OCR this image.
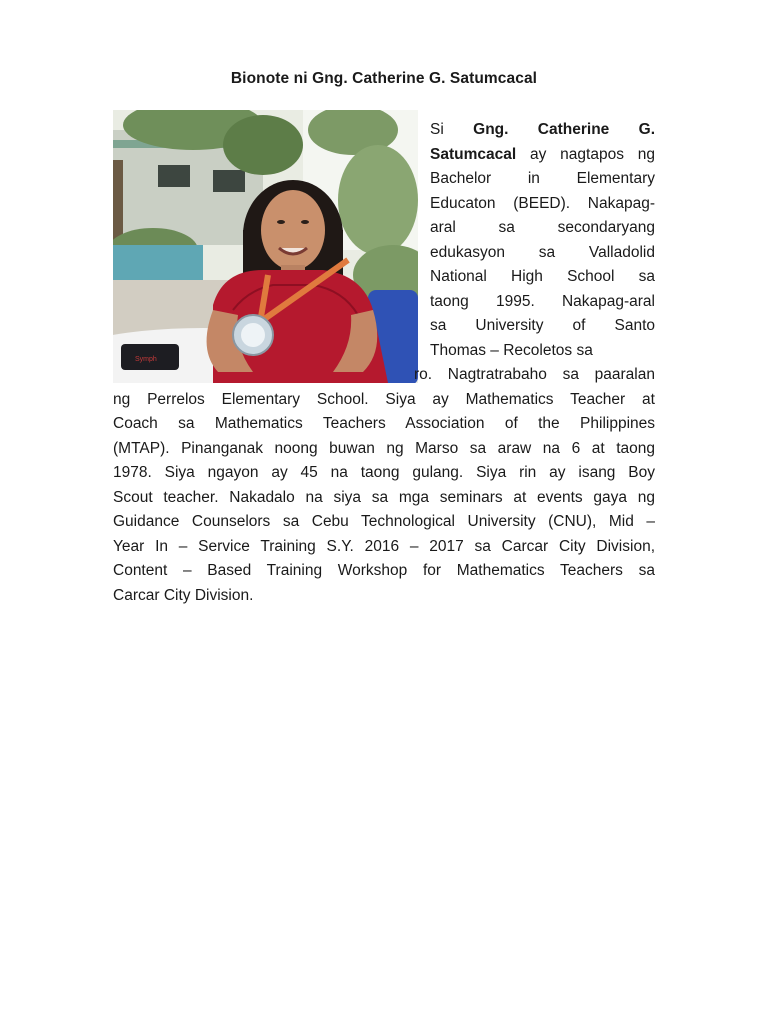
Bionote ni Gng. Catherine G. Satumcacal
Symph
Si Gng. Catherine G.
Satumcacal ay nagtapos ng
Bachelor in Elementary
Educaton (BEED). Nakapag-
aral sa secondaryang
edukasyon sa Valladolid
National High School sa
taong 1995. Nakapag-aral
sa University of Santo
Thomas – Recoletos sa
ro. Nagtratrabaho sa paaralan
ng Perrelos Elementary School. Siya ay Mathematics Teacher at
Coach sa Mathematics Teachers Association of the Philippines
(MTAP). Pinanganak noong buwan ng Marso sa araw na 6 at taong
1978. Siya ngayon ay 45 na taong gulang. Siya rin ay isang Boy
Scout teacher. Nakadalo na siya sa mga seminars at events gaya ng
Guidance Counselors sa Cebu Technological University (CNU), Mid –
Year In – Service Training S.Y. 2016 – 2017 sa Carcar City Division,
Content – Based Training Workshop for Mathematics Teachers sa
Carcar City Division.
